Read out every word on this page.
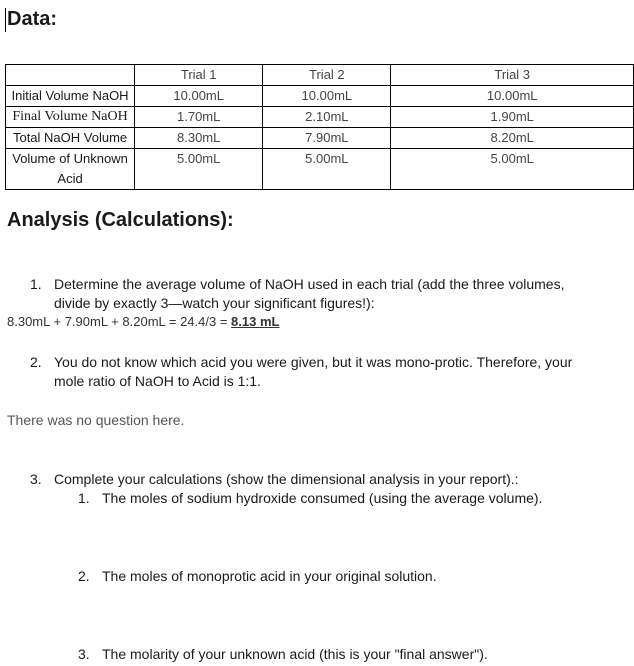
Data:
	Trial 1	Trial 2	Trial 3
Initial Volume NaOH	10.00mL	10.00mL	10.00mL
Final Volume NaOH	1.70mL	2.10mL	1.90mL
Total NaOH Volume	8.30mL	7.90mL	8.20mL

Volume of Unknown
Acid	5.00mL	5.00mL	5.00mL
Analysis (Calculations):
1. Determine the average volume of NaOH used in each trial (add the three volumes,
divide by exactly 3—watch your significant figures!):
8.30mL + 7.90mL + 8.20mL = 24.4/3 = 8.13 mL
2. You do not know which acid you were given, but it was mono-protic. Therefore, your
mole ratio of NaOH to Acid is 1:1.
There was no question here.
3. Complete your calculations (show the dimensional analysis in your report).:
1. The moles of sodium hydroxide consumed (using the average volume).
2. The moles of monoprotic acid in your original solution.
3. The molarity of your unknown acid (this is your "final answer").
